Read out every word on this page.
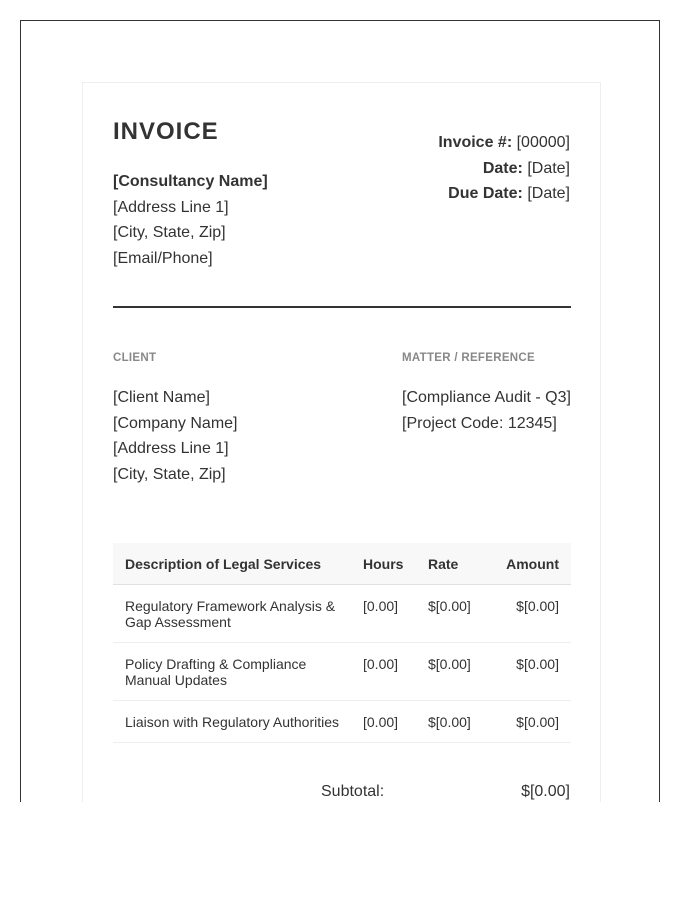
INVOICE
[Consultancy Name]
[Address Line 1]
[City, State, Zip]
[Email/Phone]
Invoice #: [00000]
Date: [Date]
Due Date: [Date]
CLIENT
[Client Name]
[Company Name]
[Address Line 1]
[City, State, Zip]
MATTER / REFERENCE
[Compliance Audit - Q3]
[Project Code: 12345]
Description of Legal Services	Hours	Rate	Amount
Regulatory Framework Analysis & Gap Assessment	[0.00]	$[0.00]	$[0.00]
Policy Drafting & Compliance Manual Updates	[0.00]	$[0.00]	$[0.00]
Liaison with Regulatory Authorities	[0.00]	$[0.00]	$[0.00]
Subtotal:	$[0.00]
